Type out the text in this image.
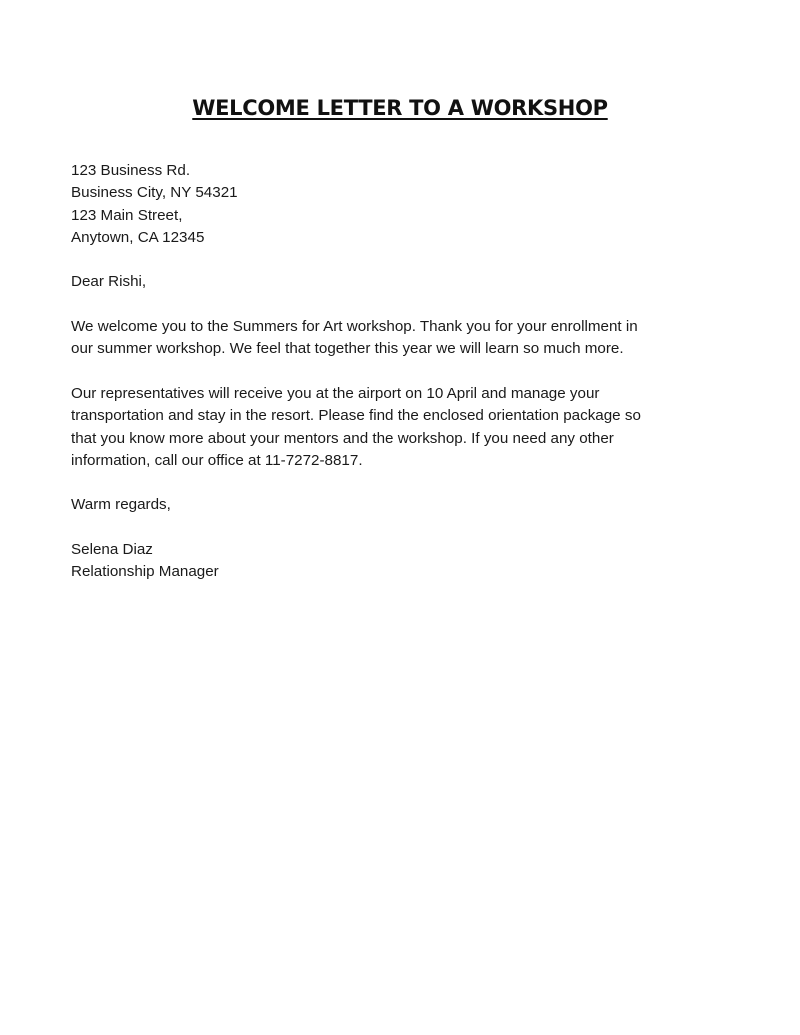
WELCOME LETTER TO A WORKSHOP
123 Business Rd.
Business City, NY 54321
123 Main Street,
Anytown, CA 12345
Dear Rishi,
We welcome you to the Summers for Art workshop. Thank you for your enrollment in
our summer workshop. We feel that together this year we will learn so much more.
Our representatives will receive you at the airport on 10 April and manage your
transportation and stay in the resort. Please find the enclosed orientation package so
that you know more about your mentors and the workshop. If you need any other
information, call our office at 11-7272-8817.
Warm regards,
Selena Diaz
Relationship Manager
